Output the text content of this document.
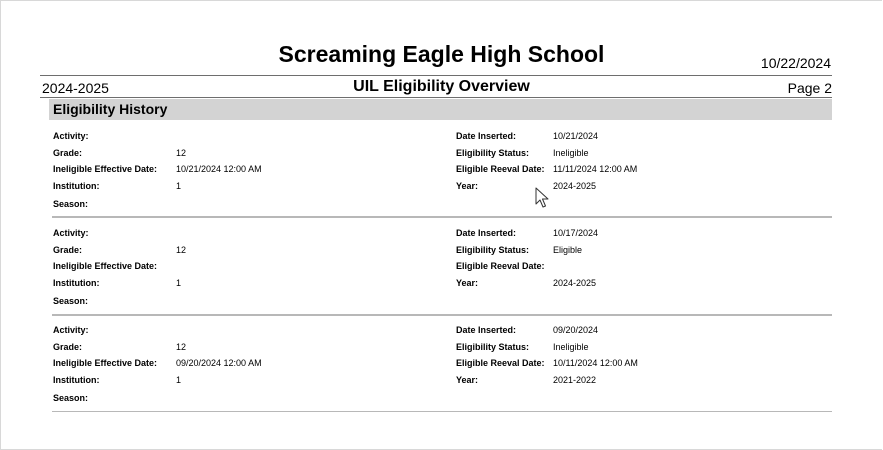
Screaming Eagle High School	10/22/2024
2024-2025	UIL Eligibility Overview	Page 2
Eligibility History
Activity:
Grade:	12
Ineligible Effective Date: 10/21/2024 12:00 AM
Institution:	1
Season:
Date Inserted:	10/21/2024
Eligibility Status:	Ineligible
Eligible Reeval Date: 11/11/2024 12:00 AM
Year:	2024-2025
Activity:
Grade:	12
Ineligible Effective Date:
Institution:	1
Season:
Date Inserted:	10/17/2024
Eligibility Status:	Eligible
Eligible Reeval Date:
Year:	2024-2025
Activity:
Grade:	12
Ineligible Effective Date: 09/20/2024 12:00 AM
Institution:	1
Season:
Date Inserted:	09/20/2024
Eligibility Status:	Ineligible
Eligible Reeval Date: 10/11/2024 12:00 AM
Year:	2021-2022
